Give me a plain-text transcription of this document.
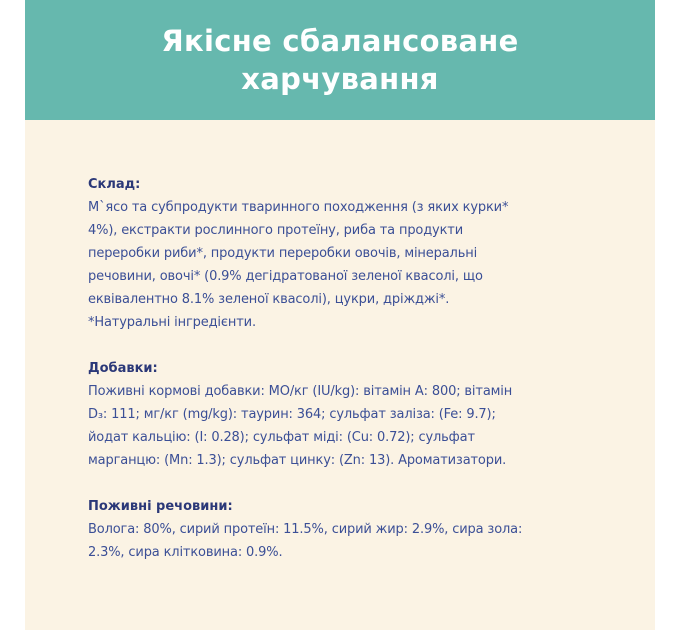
Якісне сбалансоване
харчування
Склад:
М`ясо та субпродукти тваринного походження (з яких курки*
4%), екстракти рослинного протеїну, риба та продукти
переробки риби*, продукти переробки овочів, мінеральні
речовини, овочі* (0.9% дегідратованої зеленої квасолі, що
еквівалентно 8.1% зеленої квасолі), цукри, дріжджі*.
*Натуральні інгредієнти.
Добавки:
Поживні кормові добавки: МО/кг (IU/kg): вітамін А: 800; вітамін
D₃: 111; мг/кг (mg/kg): таурин: 364; сульфат заліза: (Fe: 9.7);
йодат кальцію: (I: 0.28); сульфат міді: (Cu: 0.72); сульфат
марганцю: (Mn: 1.3); сульфат цинку: (Zn: 13). Ароматизатори.
Поживні речовини:
Волога: 80%, сирий протеїн: 11.5%, сирий жир: 2.9%, сира зола:
2.3%, сира клітковина: 0.9%.
